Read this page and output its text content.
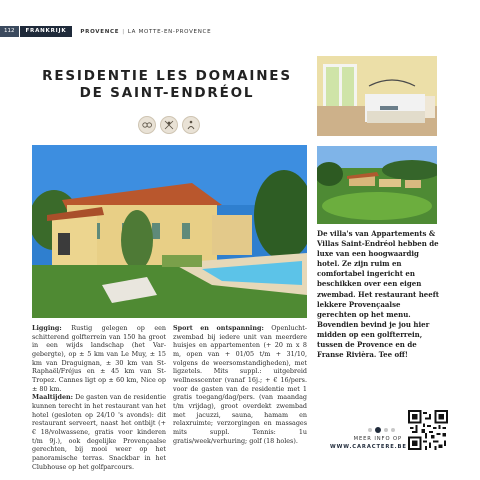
112	FRANKRIJK	PROVENCE | LA MOTTE-EN-PROVENCE
RESIDENTIE LES DOMAINES
DE SAINT-ENDRÉOL

De villa's van Appartements & Villas Saint-Endréol hebben de luxe van een hoogwaardig hotel. Ze zijn ruim en comfortabel ingericht en beschikken over een eigen zwembad. Het restaurant heeft lekkere Provençaalse gerechten op het menu. Bovendien bevind je jou hier midden op een golfterrein, tussen de Provence en de Franse Rivièra. Tee off!

Ligging: Rustig gelegen op een schitterend golfterrein van 150 ha groot in een wijds landschap (het Var-gebergte), op ± 5 km van Le Muy, ± 15 km van Draguignan, ± 30 km van St-Raphaël/Fréjus en ± 45 km van St-Tropez. Cannes ligt op ± 60 km, Nice op ± 80 km.

Maaltijden: De gasten van de residentie kunnen terecht in het restaurant van het hotel (gesloten op 24/10 's avonds): dit restaurant serveert, naast het ontbijt (+ € 18/volwassene, gratis voor kinderen t/m 9j.), ook degelijke Provençaalse gerechten, bij mooi weer op het panoramische terras. Snackbar in het Clubhouse op het golfparcours.

Sport en ontspanning: Openlucht-zwembad bij iedere unit van meerdere huisjes en appartementen (+ 20 m x 8 m, open van + 01/05 t/m + 31/10, volgens de weersomstandigheden), met ligzetels. Mits suppl.: uitgebreid wellnesscenter (vanaf 16j.; + € 16/pers. voor de gasten van de residentie met 1 gratis toegang/dag/pers. (van maandag t/m vrijdag), groot overdekt zwembad met jacuzzi, sauna, hamam en relaxruimte; verzorgingen en massages mits suppl. Tennis: 1u gratis/week/verhuring; golf (18 holes).	MEER INFO OP
WWW.CARACTERE.BE
